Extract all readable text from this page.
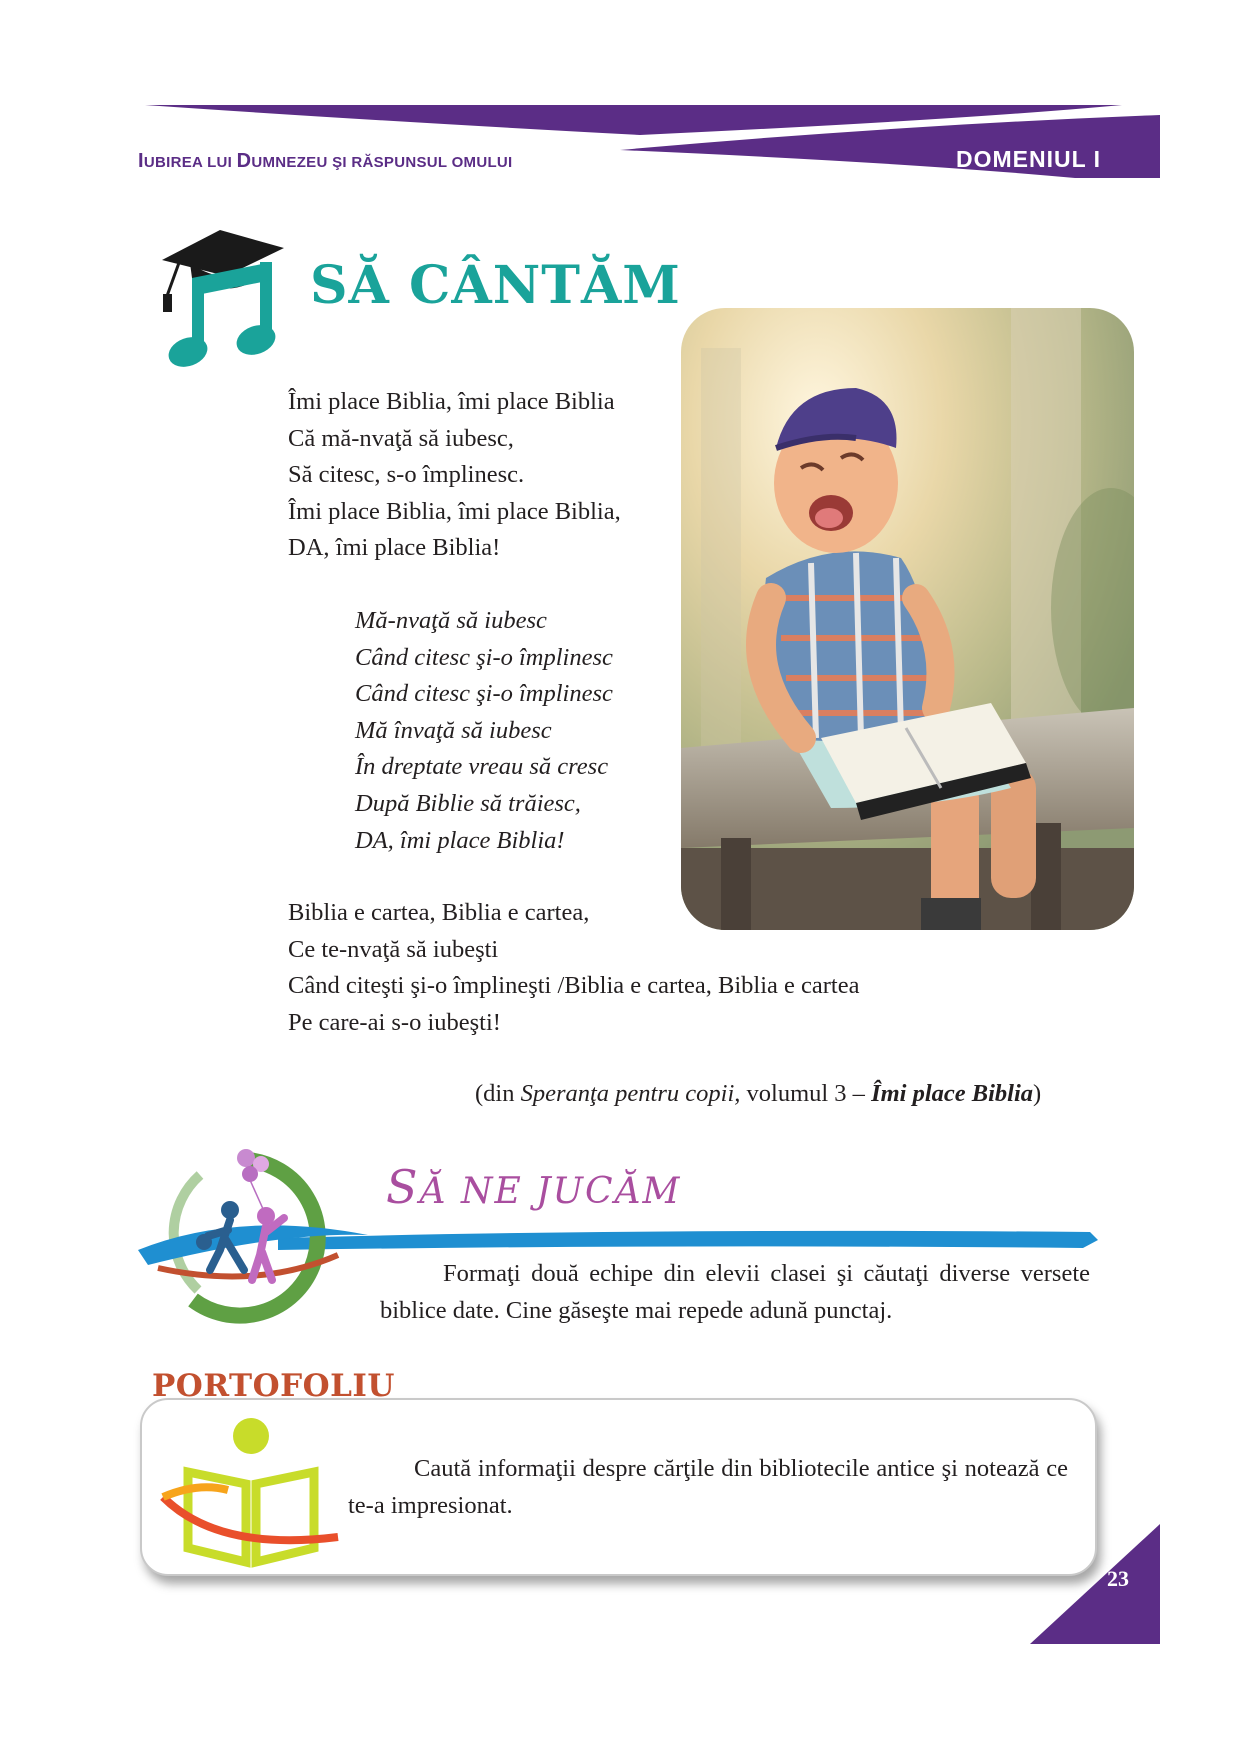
IUBIREA LUI DUMNEZEU ŞI RĂSPUNSUL OMULUI	DOMENIUL I
SĂ CÂNTĂM
Îmi place Biblia, îmi place Biblia
Că mă-nvaţă să iubesc,
Să citesc, s-o împlinesc.
Îmi place Biblia, îmi place Biblia,
DA, îmi place Biblia!
Mă-nvaţă să iubesc
Când citesc şi-o împlinesc
Când citesc şi-o împlinesc
Mă învaţă să iubesc
În dreptate vreau să cresc
După Biblie să trăiesc,
DA, îmi place Biblia!
Biblia e cartea, Biblia e cartea,
Ce te-nvaţă să iubeşti
Când citeşti şi-o împlineşti /Biblia e cartea, Biblia e cartea
Pe care-ai s-o iubeşti!
(din Speranţa pentru copii, volumul 3 – Îmi place Biblia)
SĂ NE JUCĂM
Formaţi două echipe din elevii clasei şi căutaţi diverse versete biblice date. Cine găseşte mai repede adună punctaj.
PORTOFOLIU
Caută informaţii despre cărţile din bibliotecile antice şi notează ce te-a impresionat.
23
